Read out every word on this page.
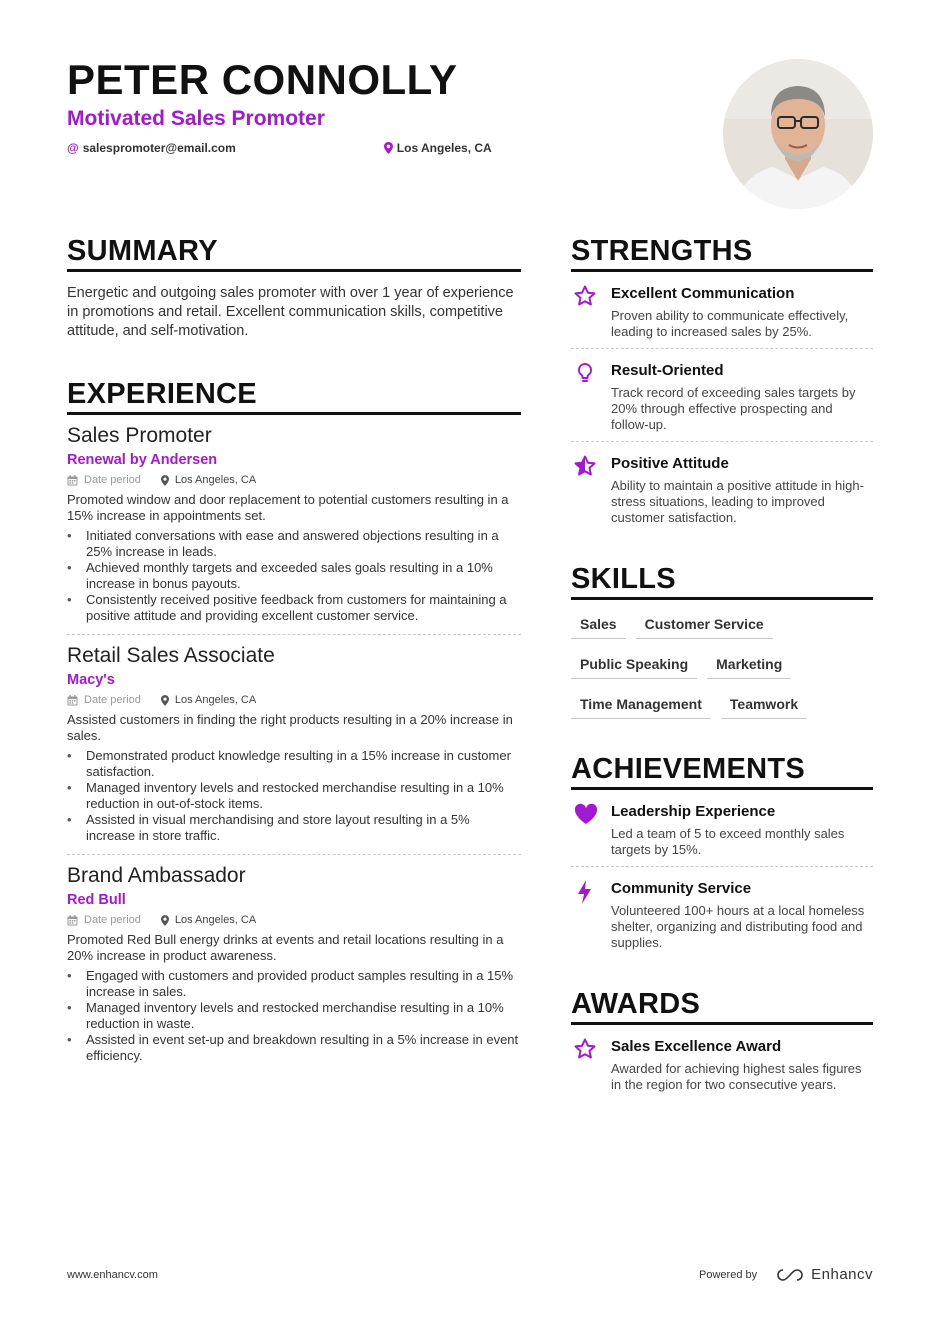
PETER CONNOLLY
Motivated Sales Promoter
@ salespromoter@email.com	Los Angeles, CA
SUMMARY

Energetic and outgoing sales promoter with over 1 year of experience in promotions and retail. Excellent communication skills, competitive attitude, and self-motivation.

EXPERIENCE
Sales Promoter
Renewal by Andersen
Date period	Los Angeles, CA
Promoted window and door replacement to potential customers resulting in a 15% increase in appointments set.
• Initiated conversations with ease and answered objections resulting in a 25% increase in leads.
• Achieved monthly targets and exceeded sales goals resulting in a 10% increase in bonus payouts.
• Consistently received positive feedback from customers for maintaining a positive attitude and providing excellent customer service.
Retail Sales Associate
Macy's
Date period	Los Angeles, CA
Assisted customers in finding the right products resulting in a 20% increase in sales.
• Demonstrated product knowledge resulting in a 15% increase in customer satisfaction.
• Managed inventory levels and restocked merchandise resulting in a 10% reduction in out-of-stock items.
• Assisted in visual merchandising and store layout resulting in a 5% increase in store traffic.
Brand Ambassador
Red Bull
Date period	Los Angeles, CA
Promoted Red Bull energy drinks at events and retail locations resulting in a 20% increase in product awareness.
• Engaged with customers and provided product samples resulting in a 15% increase in sales.
• Managed inventory levels and restocked merchandise resulting in a 10% reduction in waste.
• Assisted in event set-up and breakdown resulting in a 5% increase in event efficiency.
STRENGTHS
Excellent Communication
Proven ability to communicate effectively, leading to increased sales by 25%.
Result-Oriented
Track record of exceeding sales targets by 20% through effective prospecting and follow-up.
Positive Attitude
Ability to maintain a positive attitude in high-stress situations, leading to improved customer satisfaction.
SKILLS
Sales	Customer Service
Public Speaking	Marketing
Time Management	Teamwork
ACHIEVEMENTS
Leadership Experience
Led a team of 5 to exceed monthly sales targets by 15%.
Community Service
Volunteered 100+ hours at a local homeless shelter, organizing and distributing food and supplies.
AWARDS
Sales Excellence Award
Awarded for achieving highest sales figures in the region for two consecutive years.
www.enhancv.com	Powered by	Enhancv
